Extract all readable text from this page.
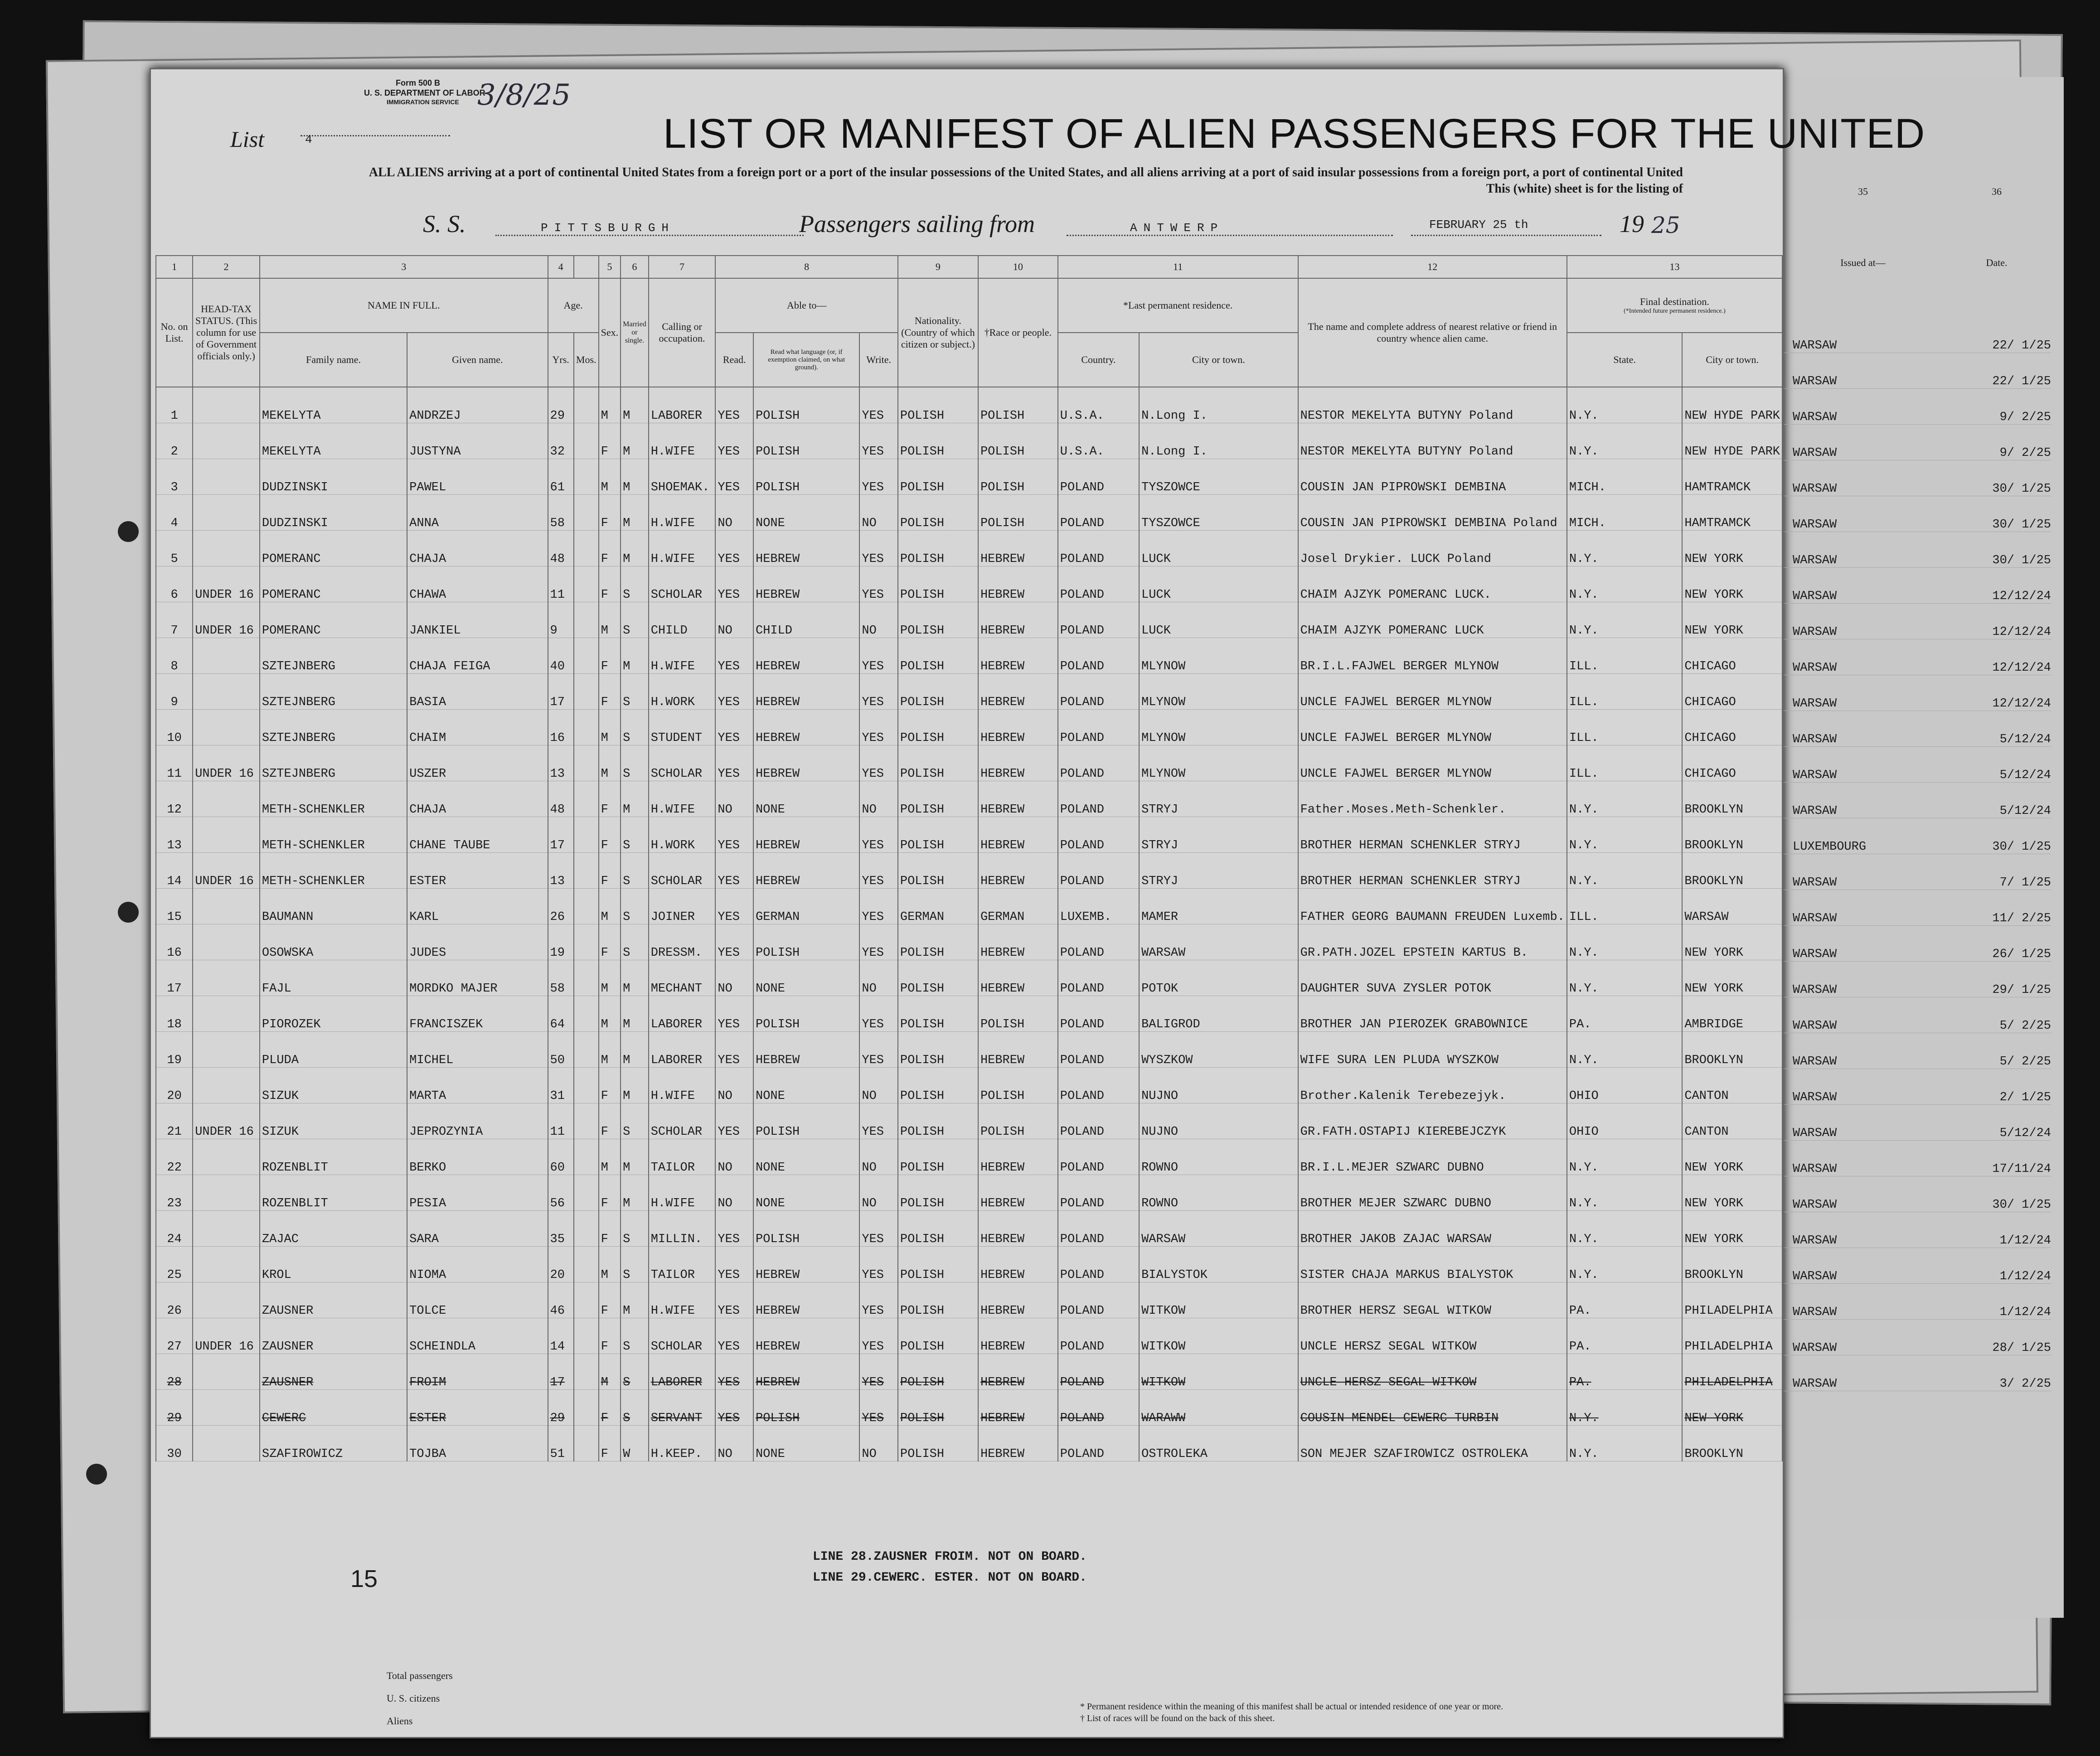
Form 500 B
U. S. DEPARTMENT OF LABOR
IMMIGRATION SERVICE 3/8/25
List	4	LIST OR MANIFEST OF ALIEN PASSENGERS FOR THE UNITED
ALL ALIENS arriving at a port of continental United States from a foreign port or a port of the insular possessions of the United States, and all aliens arriving at a port of said insular possessions from a foreign port, a port of continental United
This (white) sheet is for the listing of
S. S.	PITTSBURGH	Passengers sailing from	ANTWERP	FEBRUARY 25 th	19 25
1	2	3		4		5	6	7	8			9	10	11		12	13	
No. on List.	HEAD-TAX STATUS. (This column for use of Government officials only.)	NAME IN FULL.		Age.		Sex.	Married or single.	Calling or occupation.	Able to—			Nationality. (Country of which citizen or subject.)	†Race or people.	*Last permanent residence.		The name and complete address of nearest relative or friend in country whence alien came.	Final destination.
(*Intended future permanent residence.)	

		Family name.	Given name.	Yrs.	Mos.				Read.	Read what language (or, if exemption claimed, on what ground).	Write.			Country.	City or town.		State.	City or town.
1		MEKELYTA	ANDRZEJ	29		M	M	LABORER	YES	POLISH	YES	POLISH	POLISH	U.S.A.	N.Long I.	NESTOR MEKELYTA BUTYNY Poland	N.Y.	NEW HYDE PARK
2		MEKELYTA	JUSTYNA	32		F	M	H.WIFE	YES	POLISH	YES	POLISH	POLISH	U.S.A.	N.Long I.	NESTOR MEKELYTA BUTYNY Poland	N.Y.	NEW HYDE PARK
3		DUDZINSKI	PAWEL	61		M	M	SHOEMAK.	YES	POLISH	YES	POLISH	POLISH	POLAND	TYSZOWCE	COUSIN JAN PIPROWSKI DEMBINA	MICH.	HAMTRAMCK
4		DUDZINSKI	ANNA	58		F	M	H.WIFE	NO	NONE	NO	POLISH	POLISH	POLAND	TYSZOWCE	COUSIN JAN PIPROWSKI DEMBINA Poland	MICH.	HAMTRAMCK
5		POMERANC	CHAJA	48		F	M	H.WIFE	YES	HEBREW	YES	POLISH	HEBREW	POLAND	LUCK	Josel Drykier. LUCK Poland	N.Y.	NEW YORK
6	UNDER 16	POMERANC	CHAWA	11		F	S	SCHOLAR	YES	HEBREW	YES	POLISH	HEBREW	POLAND	LUCK	CHAIM AJZYK POMERANC LUCK.	N.Y.	NEW YORK
7	UNDER 16	POMERANC	JANKIEL	9		M	S	CHILD	NO	CHILD	NO	POLISH	HEBREW	POLAND	LUCK	CHAIM AJZYK POMERANC LUCK	N.Y.	NEW YORK
8		SZTEJNBERG	CHAJA FEIGA	40		F	M	H.WIFE	YES	HEBREW	YES	POLISH	HEBREW	POLAND	MLYNOW	BR.I.L.FAJWEL BERGER MLYNOW	ILL.	CHICAGO
9		SZTEJNBERG	BASIA	17		F	S	H.WORK	YES	HEBREW	YES	POLISH	HEBREW	POLAND	MLYNOW	UNCLE FAJWEL BERGER MLYNOW	ILL.	CHICAGO
10		SZTEJNBERG	CHAIM	16		M	S	STUDENT	YES	HEBREW	YES	POLISH	HEBREW	POLAND	MLYNOW	UNCLE FAJWEL BERGER MLYNOW	ILL.	CHICAGO
11	UNDER 16	SZTEJNBERG	USZER	13		M	S	SCHOLAR	YES	HEBREW	YES	POLISH	HEBREW	POLAND	MLYNOW	UNCLE FAJWEL BERGER MLYNOW	ILL.	CHICAGO
12		METH-SCHENKLER	CHAJA	48		F	M	H.WIFE	NO	NONE	NO	POLISH	HEBREW	POLAND	STRYJ	Father.Moses.Meth-Schenkler.	N.Y.	BROOKLYN
13		METH-SCHENKLER	CHANE TAUBE	17		F	S	H.WORK	YES	HEBREW	YES	POLISH	HEBREW	POLAND	STRYJ	BROTHER HERMAN SCHENKLER STRYJ	N.Y.	BROOKLYN
14	UNDER 16	METH-SCHENKLER	ESTER	13		F	S	SCHOLAR	YES	HEBREW	YES	POLISH	HEBREW	POLAND	STRYJ	BROTHER HERMAN SCHENKLER STRYJ	N.Y.	BROOKLYN
15		BAUMANN	KARL	26		M	S	JOINER	YES	GERMAN	YES	GERMAN	GERMAN	LUXEMB.	MAMER	FATHER GEORG BAUMANN FREUDEN Luxemb.	ILL.	WARSAW
16		OSOWSKA	JUDES	19		F	S	DRESSM.	YES	POLISH	YES	POLISH	HEBREW	POLAND	WARSAW	GR.PATH.JOZEL EPSTEIN KARTUS B.	N.Y.	NEW YORK
17		FAJL	MORDKO MAJER	58		M	M	MECHANT	NO	NONE	NO	POLISH	HEBREW	POLAND	POTOK	DAUGHTER SUVA ZYSLER POTOK	N.Y.	NEW YORK
18		PIOROZEK	FRANCISZEK	64		M	M	LABORER	YES	POLISH	YES	POLISH	POLISH	POLAND	BALIGROD	BROTHER JAN PIEROZEK GRABOWNICE	PA.	AMBRIDGE
19		PLUDA	MICHEL	50		M	M	LABORER	YES	HEBREW	YES	POLISH	HEBREW	POLAND	WYSZKOW	WIFE SURA LEN PLUDA WYSZKOW	N.Y.	BROOKLYN
20		SIZUK	MARTA	31		F	M	H.WIFE	NO	NONE	NO	POLISH	POLISH	POLAND	NUJNO	Brother.Kalenik Terebezejyk.	OHIO	CANTON
21	UNDER 16	SIZUK	JEPROZYNIA	11		F	S	SCHOLAR	YES	POLISH	YES	POLISH	POLISH	POLAND	NUJNO	GR.FATH.OSTAPIJ KIEREBEJCZYK	OHIO	CANTON
22		ROZENBLIT	BERKO	60		M	M	TAILOR	NO	NONE	NO	POLISH	HEBREW	POLAND	ROWNO	BR.I.L.MEJER SZWARC DUBNO	N.Y.	NEW YORK
23		ROZENBLIT	PESIA	56		F	M	H.WIFE	NO	NONE	NO	POLISH	HEBREW	POLAND	ROWNO	BROTHER MEJER SZWARC DUBNO	N.Y.	NEW YORK
24		ZAJAC	SARA	35		F	S	MILLIN.	YES	POLISH	YES	POLISH	HEBREW	POLAND	WARSAW	BROTHER JAKOB ZAJAC WARSAW	N.Y.	NEW YORK
25		KROL	NIOMA	20		M	S	TAILOR	YES	HEBREW	YES	POLISH	HEBREW	POLAND	BIALYSTOK	SISTER CHAJA MARKUS BIALYSTOK	N.Y.	BROOKLYN
26		ZAUSNER	TOLCE	46		F	M	H.WIFE	YES	HEBREW	YES	POLISH	HEBREW	POLAND	WITKOW	BROTHER HERSZ SEGAL WITKOW	PA.	PHILADELPHIA
27	UNDER 16	ZAUSNER	SCHEINDLA	14		F	S	SCHOLAR	YES	HEBREW	YES	POLISH	HEBREW	POLAND	WITKOW	UNCLE HERSZ SEGAL WITKOW	PA.	PHILADELPHIA
28		ZAUSNER	FROIM	17		M	S	LABORER	YES	HEBREW	YES	POLISH	HEBREW	POLAND	WITKOW	UNCLE HERSZ SEGAL WITKOW	PA.	PHILADELPHIA
29		CEWERC	ESTER	29		F	S	SERVANT	YES	POLISH	YES	POLISH	HEBREW	POLAND	WARAWW	COUSIN MENDEL CEWERC TURBIN	N.Y.	NEW YORK
30		SZAFIROWICZ	TOJBA	51		F	W	H.KEEP.	NO	NONE	NO	POLISH	HEBREW	POLAND	OSTROLEKA	SON MEJER SZAFIROWICZ OSTROLEKA	N.Y.	BROOKLYN
LINE 28.ZAUSNER FROIM. NOT ON BOARD.
LINE 29.CEWERC. ESTER. NOT ON BOARD.
15
Total passengers
U. S. citizens
Aliens
* Permanent residence within the meaning of this manifest shall be actual or intended residence of one year or more.
† List of races will be found on the back of this sheet.
35	36
Issued at—	Date.
WARSAW	22/ 1/25
WARSAW	22/ 1/25
WARSAW	9/ 2/25
WARSAW	9/ 2/25
WARSAW	30/ 1/25
WARSAW	30/ 1/25
WARSAW	30/ 1/25
WARSAW	12/12/24
WARSAW	12/12/24
WARSAW	12/12/24
WARSAW	12/12/24
WARSAW	5/12/24
WARSAW	5/12/24
WARSAW	5/12/24
LUXEMBOURG	30/ 1/25
WARSAW	7/ 1/25
WARSAW	11/ 2/25
WARSAW	26/ 1/25
WARSAW	29/ 1/25
WARSAW	5/ 2/25
WARSAW	5/ 2/25
WARSAW	2/ 1/25
WARSAW	5/12/24
WARSAW	17/11/24
WARSAW	30/ 1/25
WARSAW	1/12/24
WARSAW	1/12/24
WARSAW	1/12/24
WARSAW	28/ 1/25
WARSAW	3/ 2/25
